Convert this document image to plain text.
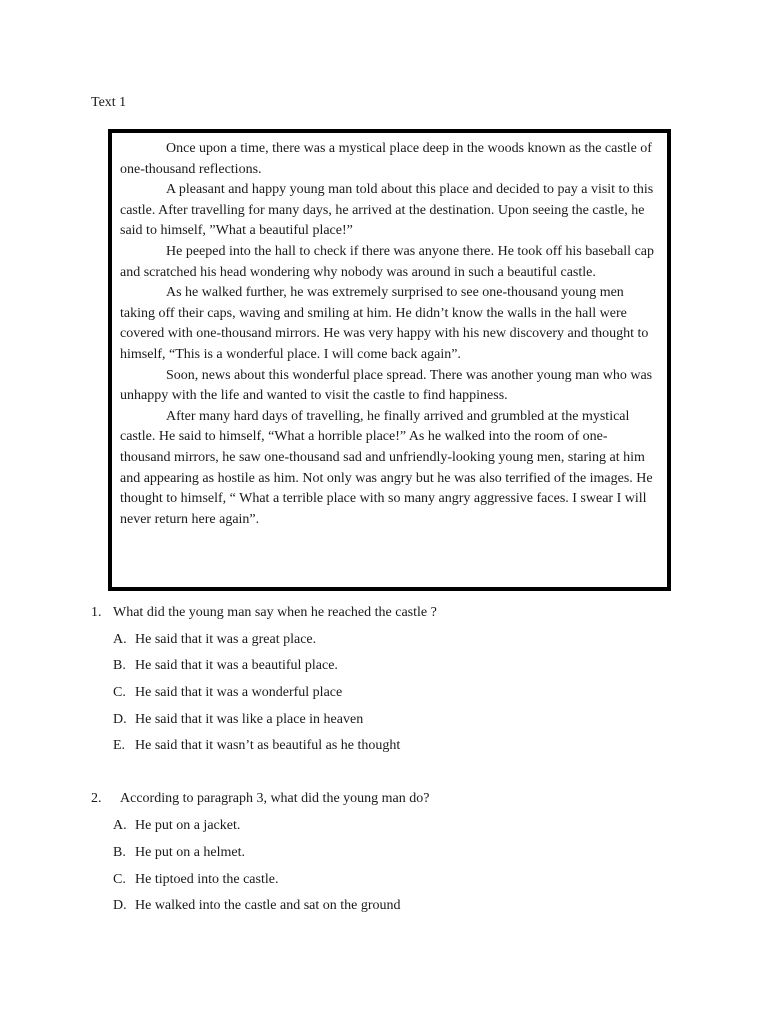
Text 1

Once upon a time, there was a mystical place deep in the woods known as the castle of one-thousand reflections.

A pleasant and happy young man told about this place and decided to pay a visit to this castle. After travelling for many days, he arrived at the destination. Upon seeing the castle, he said to himself, ”What a beautiful place!”

He peeped into the hall to check if there was anyone there. He took off his baseball cap and scratched his head wondering why nobody was around in such a beautiful castle.

As he walked further, he was extremely surprised to see one-thousand young men taking off their caps, waving and smiling at him. He didn’t know the walls in the hall were covered with one-thousand mirrors. He was very happy with his new discovery and thought to himself, “This is a wonderful place. I will come back again”.

Soon, news about this wonderful place spread. There was another young man who was unhappy with the life and wanted to visit the castle to find happiness.

After many hard days of travelling, he finally arrived and grumbled at the mystical castle. He said to himself, “What a horrible place!” As he walked into the room of one-thousand mirrors, he saw one-thousand sad and unfriendly-looking young men, staring at him and appearing as hostile as him. Not only was angry but he was also terrified of the images. He thought to himself, “ What a terrible place with so many angry aggressive faces. I swear I will never return here again”.

1. What did the young man say when he reached the castle ?
A. He said that it was a great place.
B. He said that it was a beautiful place.
C. He said that it was a wonderful place
D. He said that it was like a place in heaven
E. He said that it wasn’t as beautiful as he thought
2.	According to paragraph 3, what did the young man do?
A. He put on a jacket.
B. He put on a helmet.
C. He tiptoed into the castle.
D. He walked into the castle and sat on the ground
